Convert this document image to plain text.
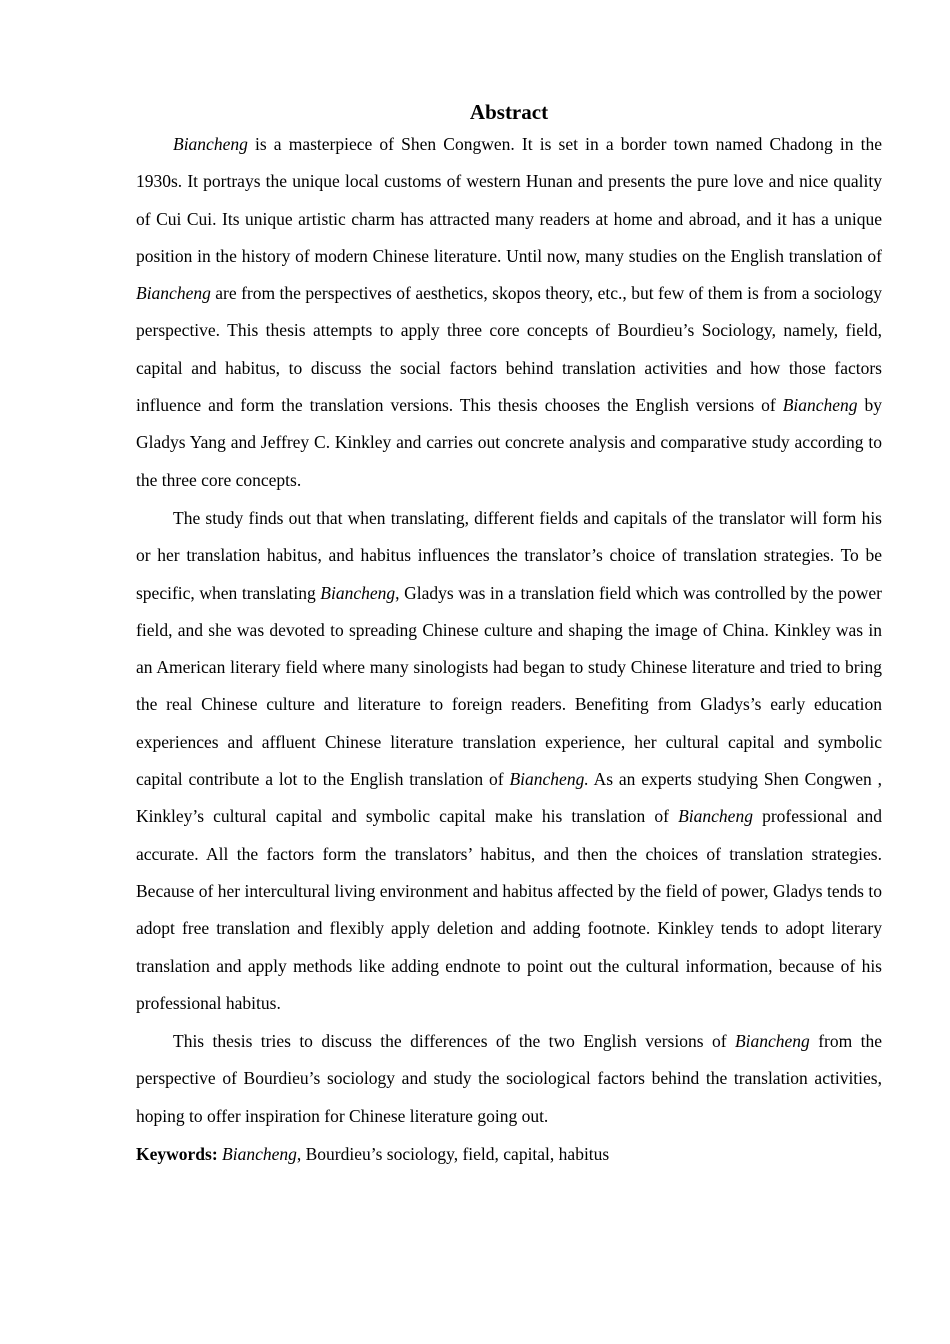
Abstract

Biancheng is a masterpiece of Shen Congwen. It is set in a border town named Chadong in the 1930s. It portrays the unique local customs of western Hunan and presents the pure love and nice quality of Cui Cui. Its unique artistic charm has attracted many readers at home and abroad, and it has a unique position in the history of modern Chinese literature. Until now, many studies on the English translation of Biancheng are from the perspectives of aesthetics, skopos theory, etc., but few of them is from a sociology perspective. This thesis attempts to apply three core concepts of Bourdieu’s Sociology, namely, field, capital and habitus, to discuss the social factors behind translation activities and how those factors influence and form the translation versions. This thesis chooses the English versions of Biancheng by Gladys Yang and Jeffrey C. Kinkley and carries out concrete analysis and comparative study according to the three core concepts.

The study finds out that when translating, different fields and capitals of the translator will form his or her translation habitus, and habitus influences the translator’s choice of translation strategies. To be specific, when translating Biancheng, Gladys was in a translation field which was controlled by the power field, and she was devoted to spreading Chinese culture and shaping the image of China. Kinkley was in an American literary field where many sinologists had began to study Chinese literature and tried to bring the real Chinese culture and literature to foreign readers. Benefiting from Gladys’s early education experiences and affluent Chinese literature translation experience, her cultural capital and symbolic capital contribute a lot to the English translation of Biancheng. As an experts studying Shen Congwen , Kinkley’s cultural capital and symbolic capital make his translation of Biancheng professional and accurate. All the factors form the translators’ habitus, and then the choices of translation strategies. Because of her intercultural living environment and habitus affected by the field of power, Gladys tends to adopt free translation and flexibly apply deletion and adding footnote. Kinkley tends to adopt literary translation and apply methods like adding endnote to point out the cultural information, because of his professional habitus.

This thesis tries to discuss the differences of the two English versions of Biancheng from the perspective of Bourdieu’s sociology and study the sociological factors behind the translation activities, hoping to offer inspiration for Chinese literature going out.

Keywords: Biancheng, Bourdieu’s sociology, field, capital, habitus
